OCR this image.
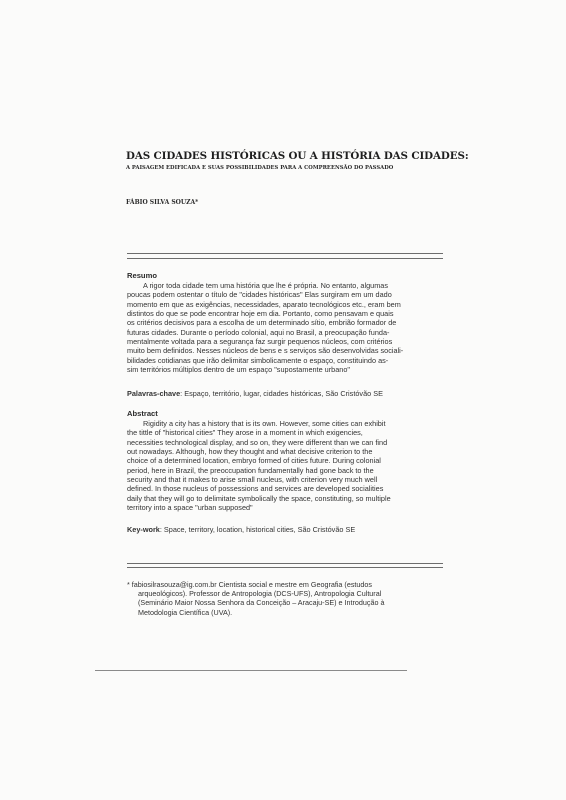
DAS CIDADES HISTÓRICAS OU A HISTÓRIA DAS CIDADES:
A PAISAGEM EDIFICADA E SUAS POSSIBILIDADES PARA A COMPREENSÃO DO PASSADO
FÁBIO SILVA SOUZA*
Resumo
A rigor toda cidade tem uma história que lhe é própria. No entanto, algumas
poucas podem ostentar o título de "cidades históricas" Elas surgiram em um dado
momento em que as exigências, necessidades, aparato tecnológicos etc., eram bem
distintos do que se pode encontrar hoje em dia. Portanto, como pensavam e quais
os critérios decisivos para a escolha de um determinado sítio, embrião formador de
futuras cidades. Durante o período colonial, aqui no Brasil, a preocupação funda-
mentalmente voltada para a segurança faz surgir pequenos núcleos, com critérios
muito bem definidos. Nesses núcleos de bens e s serviços são desenvolvidas sociali-
bilidades cotidianas que irão delimitar simbolicamente o espaço, constituindo as-
sim territórios múltiplos dentro de um espaço "supostamente urbano"
Palavras-chave: Espaço, território, lugar, cidades históricas, São Cristóvão SE
Abstract
Rigidity a city has a history that is its own. However, some cities can exhibit
the tittle of "historical cities" They arose in a moment in which exigencies,
necessities technological display, and so on, they were different than we can find
out nowadays. Although, how they thought and what decisive criterion to the
choice of a determined location, embryo formed of cities future. During colonial
period, here in Brazil, the preoccupation fundamentally had gone back to the
security and that it makes to arise small nucleus, with criterion very much well
defined. In those nucleus of possessions and services are developed socialities
daily that they will go to delimitate symbolically the space, constituting, so multiple
territory into a space "urban supposed"
Key-work: Space, territory, location, historical cities, São Cristóvão SE
* fabiosilrasouza@ig.com.br Cientista social e mestre em Geografia (estudos
arqueológicos). Professor de Antropologia (DCS-UFS), Antropologia Cultural
(Seminário Maior Nossa Senhora da Conceição – Aracaju-SE) e Introdução à
Metodologia Científica (UVA).
